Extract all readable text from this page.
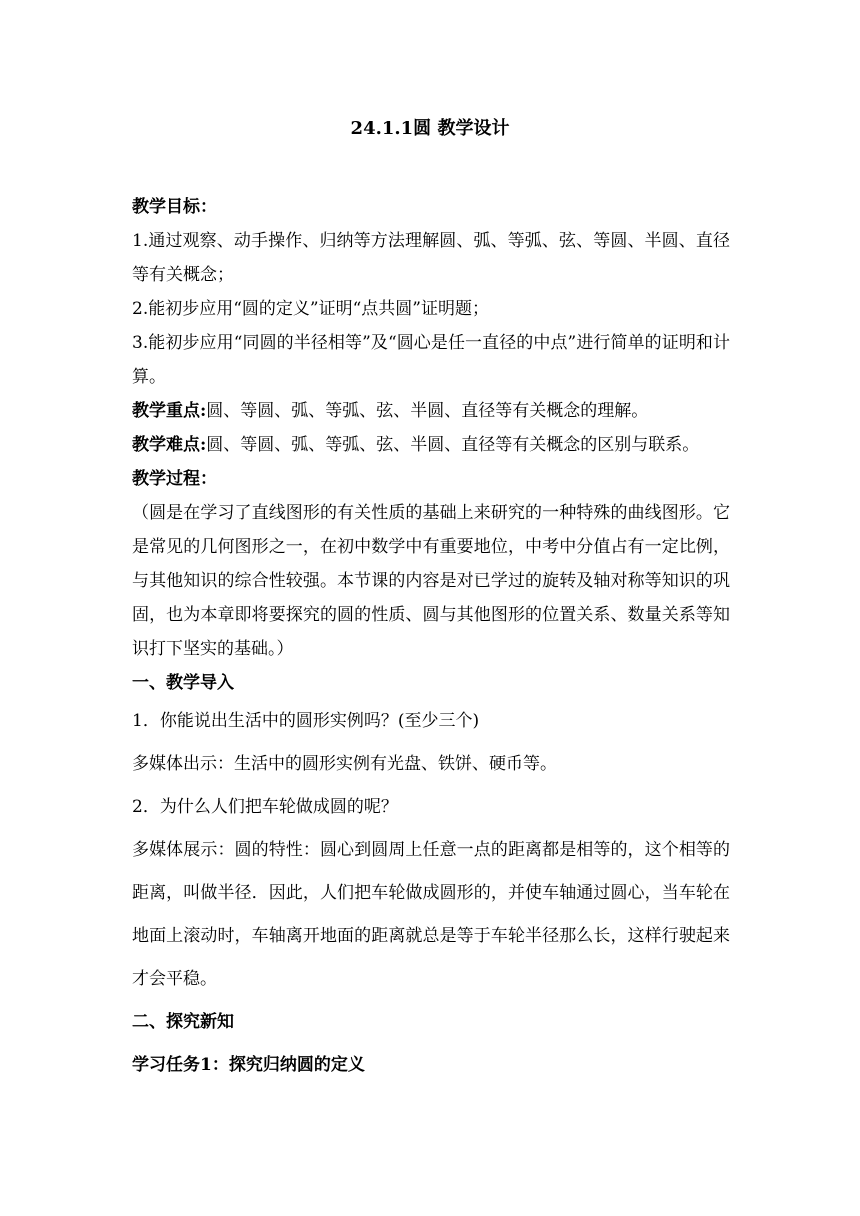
24.1.1圆 教学设计

教学目标：

1.通过观察、动手操作、归纳等方法理解圆、弧、等弧、弦、等圆、半圆、直径等有关概念；

2.能初步应用“圆的定义”证明“点共圆”证明题；

3.能初步应用“同圆的半径相等”及“圆心是任一直径的中点”进行简单的证明和计算。

教学重点:圆、等圆、弧、等弧、弦、半圆、直径等有关概念的理解。

教学难点:圆、等圆、弧、等弧、弦、半圆、直径等有关概念的区别与联系。

教学过程：

（圆是在学习了直线图形的有关性质的基础上来研究的一种特殊的曲线图形。它是常见的几何图形之一，在初中数学中有重要地位，中考中分值占有一定比例，与其他知识的综合性较强。本节课的内容是对已学过的旋转及轴对称等知识的巩固，也为本章即将要探究的圆的性质、圆与其他图形的位置关系、数量关系等知识打下坚实的基础。）

一、教学导入

1．你能说出生活中的圆形实例吗？(至少三个)

多媒体出示：生活中的圆形实例有光盘、铁饼、硬币等。

2．为什么人们把车轮做成圆的呢？

多媒体展示：圆的特性：圆心到圆周上任意一点的距离都是相等的，这个相等的距离，叫做半径．因此，人们把车轮做成圆形的，并使车轴通过圆心，当车轮在地面上滚动时，车轴离开地面的距离就总是等于车轮半径那么长，这样行驶起来才会平稳。

二、探究新知

学习任务1：探究归纳圆的定义
